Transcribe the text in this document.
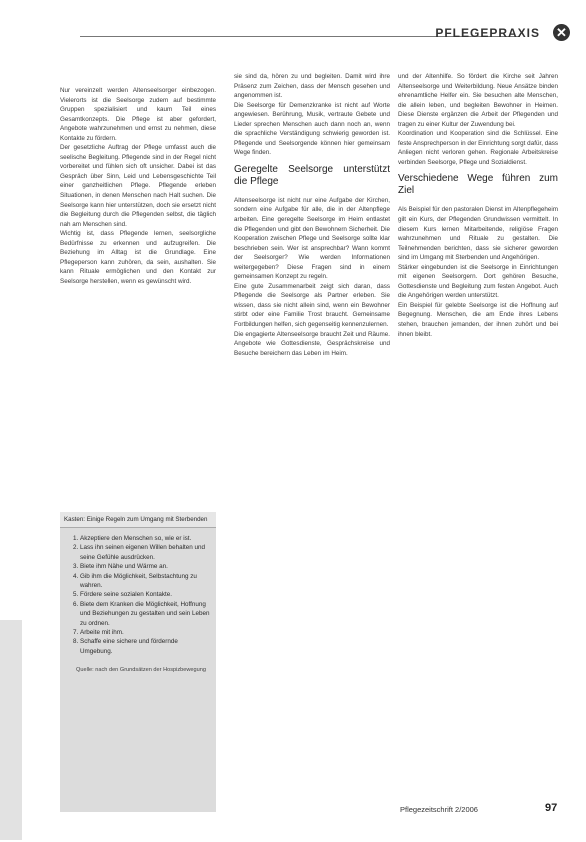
PFLEGEPRAXIS ✕

Nur vereinzelt werden Altenseelsorger einbezogen. Vielerorts ist die Seelsorge zudem auf bestimmte Gruppen spezialisiert und kaum Teil eines Gesamtkonzepts. Die Pflege ist aber gefordert, Angebote wahrzunehmen und ernst zu nehmen, diese Kontakte zu fördern.

Der gesetzliche Auftrag der Pflege umfasst auch die seelische Begleitung. Pflegende sind in der Regel nicht vorbereitet und fühlen sich oft unsicher. Dabei ist das Gespräch über Sinn, Leid und Lebensgeschichte Teil einer ganzheitlichen Pflege. Pflegende erleben Situationen, in denen Menschen nach Halt suchen. Die Seelsorge kann hier unterstützen, doch sie ersetzt nicht die Begleitung durch die Pflegenden selbst, die täglich nah am Menschen sind.

Wichtig ist, dass Pflegende lernen, seelsorgliche Bedürfnisse zu erkennen und aufzugreifen. Die Beziehung im Alltag ist die Grundlage. Eine Pflegeperson kann zuhören, da sein, aushalten. Sie kann Rituale ermöglichen und den Kontakt zur Seelsorge herstellen, wenn es gewünscht wird.

Kasten: Einige Regeln zum Umgang mit Sterbenden
1. Akzeptiere den Menschen so, wie er ist.
2. Lass ihn seinen eigenen Willen behalten und seine Gefühle ausdrücken.
3. Biete ihm Nähe und Wärme an.
4. Gib ihm die Möglichkeit, Selbstachtung zu wahren.
5. Fördere seine sozialen Kontakte.
6. Biete dem Kranken die Möglichkeit, Hoffnung und Beziehungen zu gestalten und sein Leben zu ordnen.
7. Arbeite mit ihm.
8. Schaffe eine sichere und fördernde Umgebung.
Quelle: nach den Grundsätzen der Hospizbewegung

sie sind da, hören zu und begleiten. Damit wird ihre Präsenz zum Zeichen, dass der Mensch gesehen und angenommen ist.

Die Seelsorge für Demenzkranke ist nicht auf Worte angewiesen. Berührung, Musik, vertraute Gebete und Lieder sprechen Menschen auch dann noch an, wenn die sprachliche Verständigung schwierig geworden ist. Pflegende und Seelsorgende können hier gemeinsam Wege finden.

Geregelte Seelsorge unterstützt die Pflege

Altenseelsorge ist nicht nur eine Aufgabe der Kirchen, sondern eine Aufgabe für alle, die in der Altenpflege arbeiten. Eine geregelte Seelsorge im Heim entlastet die Pflegenden und gibt den Bewohnern Sicherheit. Die Kooperation zwischen Pflege und Seelsorge sollte klar beschrieben sein. Wer ist ansprechbar? Wann kommt der Seelsorger? Wie werden Informationen weitergegeben? Diese Fragen sind in einem gemeinsamen Konzept zu regeln.

Eine gute Zusammenarbeit zeigt sich daran, dass Pflegende die Seelsorge als Partner erleben. Sie wissen, dass sie nicht allein sind, wenn ein Bewohner stirbt oder eine Familie Trost braucht. Gemeinsame Fortbildungen helfen, sich gegenseitig kennenzulernen.

Die engagierte Altenseelsorge braucht Zeit und Räume. Angebote wie Gottesdienste, Gesprächskreise und Besuche bereichern das Leben im Heim.

und der Altenhilfe. So fördert die Kirche seit Jahren Altenseelsorge und Weiterbildung. Neue Ansätze binden ehrenamtliche Helfer ein. Sie besuchen alte Menschen, die allein leben, und begleiten Bewohner in Heimen. Diese Dienste ergänzen die Arbeit der Pflegenden und tragen zu einer Kultur der Zuwendung bei.

Koordination und Kooperation sind die Schlüssel. Eine feste Ansprechperson in der Einrichtung sorgt dafür, dass Anliegen nicht verloren gehen. Regionale Arbeitskreise verbinden Seelsorge, Pflege und Sozialdienst.

Verschiedene Wege führen zum Ziel

Als Beispiel für den pastoralen Dienst im Altenpflegeheim gilt ein Kurs, der Pflegenden Grundwissen vermittelt. In diesem Kurs lernen Mitarbeitende, religiöse Fragen wahrzunehmen und Rituale zu gestalten. Die Teilnehmenden berichten, dass sie sicherer geworden sind im Umgang mit Sterbenden und Angehörigen.

Stärker eingebunden ist die Seelsorge in Einrichtungen mit eigenen Seelsorgern. Dort gehören Besuche, Gottesdienste und Begleitung zum festen Angebot. Auch die Angehörigen werden unterstützt.

Ein Beispiel für gelebte Seelsorge ist die Hoffnung auf Begegnung. Menschen, die am Ende ihres Lebens stehen, brauchen jemanden, der ihnen zuhört und bei ihnen bleibt.

Pflegezeitschrift 2/2006	97
